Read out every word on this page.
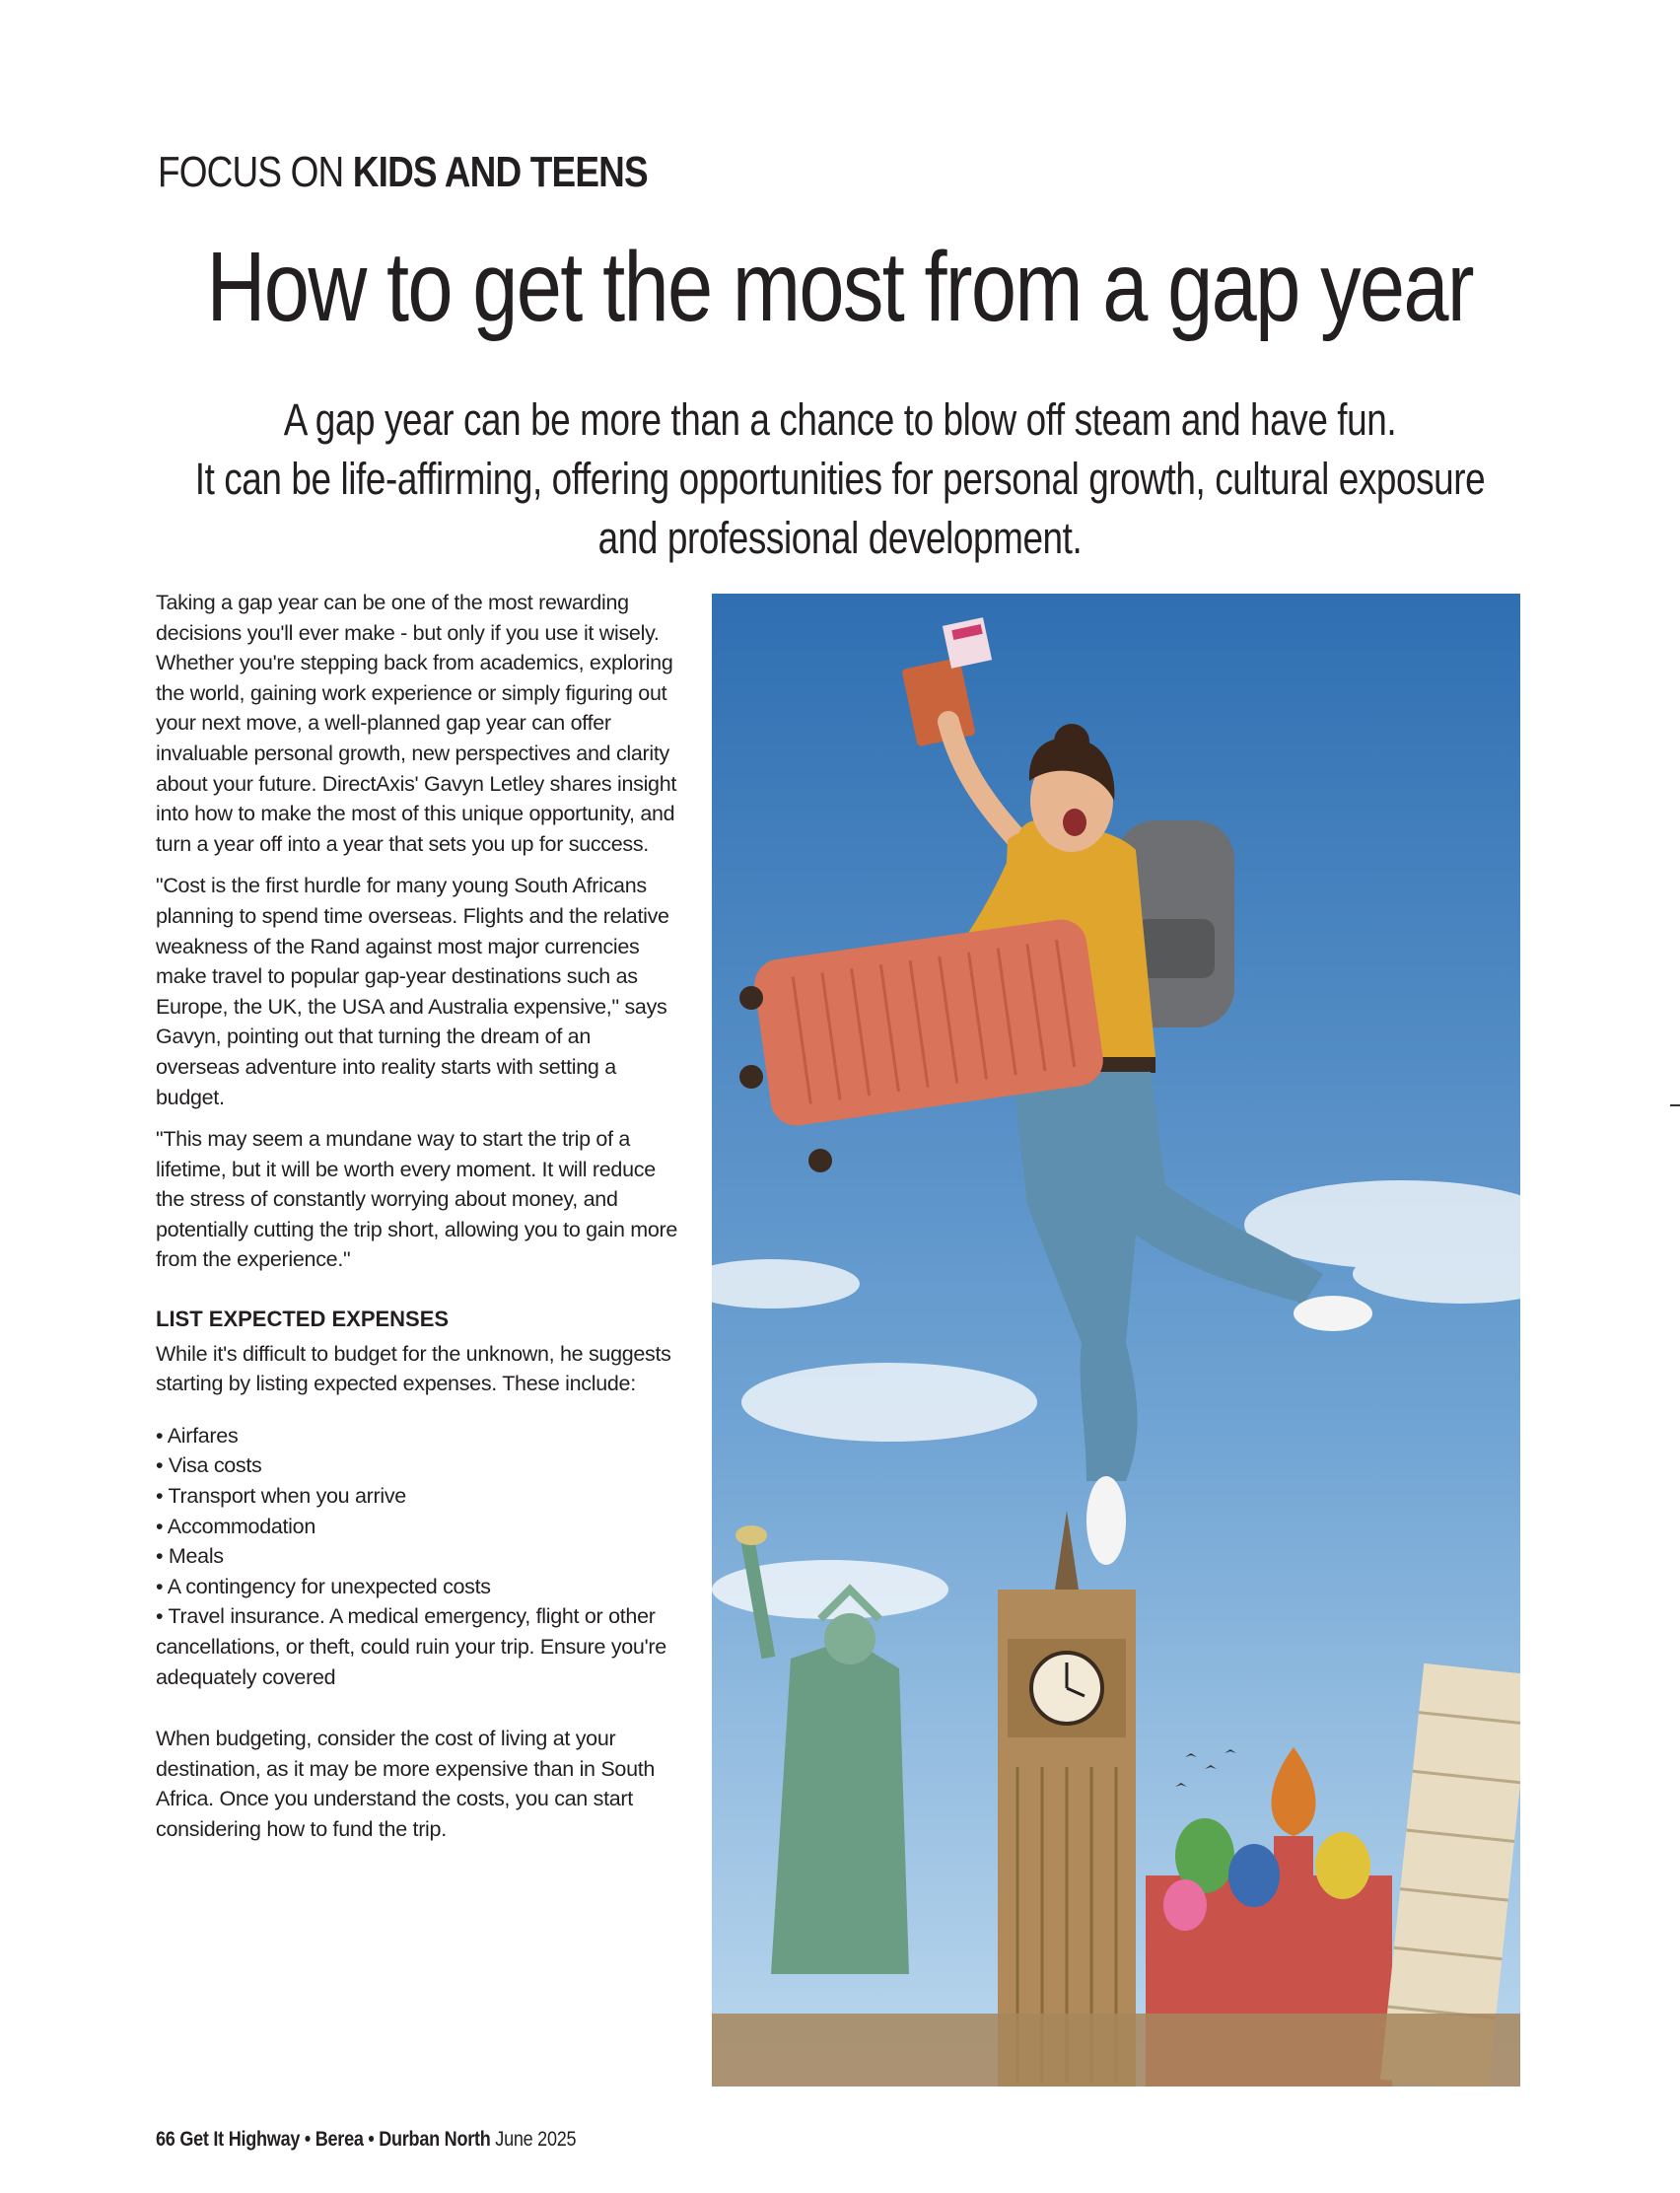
FOCUS ON KIDS AND TEENS
How to get the most from a gap year
A gap year can be more than a chance to blow off steam and have fun.
It can be life-affirming, offering opportunities for personal growth, cultural exposure
and professional development.

Taking a gap year can be one of the most rewarding decisions you'll ever make - but only if you use it wisely. Whether you're stepping back from academics, exploring the world, gaining work experience or simply figuring out your next move, a well-planned gap year can offer invaluable personal growth, new perspectives and clarity about your future. DirectAxis' Gavyn Letley shares insight into how to make the most of this unique opportunity, and turn a year off into a year that sets you up for success.

"Cost is the first hurdle for many young South Africans planning to spend time overseas. Flights and the relative weakness of the Rand against most major currencies make travel to popular gap-year destinations such as Europe, the UK, the USA and Australia expensive," says Gavyn, pointing out that turning the dream of an overseas adventure into reality starts with setting a budget.

"This may seem a mundane way to start the trip of a lifetime, but it will be worth every moment. It will reduce the stress of constantly worrying about money, and potentially cutting the trip short, allowing you to gain more from the experience."

LIST EXPECTED EXPENSES

While it's difficult to budget for the unknown, he suggests starting by listing expected expenses. These include:

• Airfares
• Visa costs
• Transport when you arrive
• Accommodation
• Meals
• A contingency for unexpected costs
• Travel insurance. A medical emergency, flight or other cancellations, or theft, could ruin your trip. Ensure you're adequately covered

When budgeting, consider the cost of living at your destination, as it may be more expensive than in South Africa. Once you understand the costs, you can start considering how to fund the trip.

66 Get It Highway • Berea • Durban North June 2025
